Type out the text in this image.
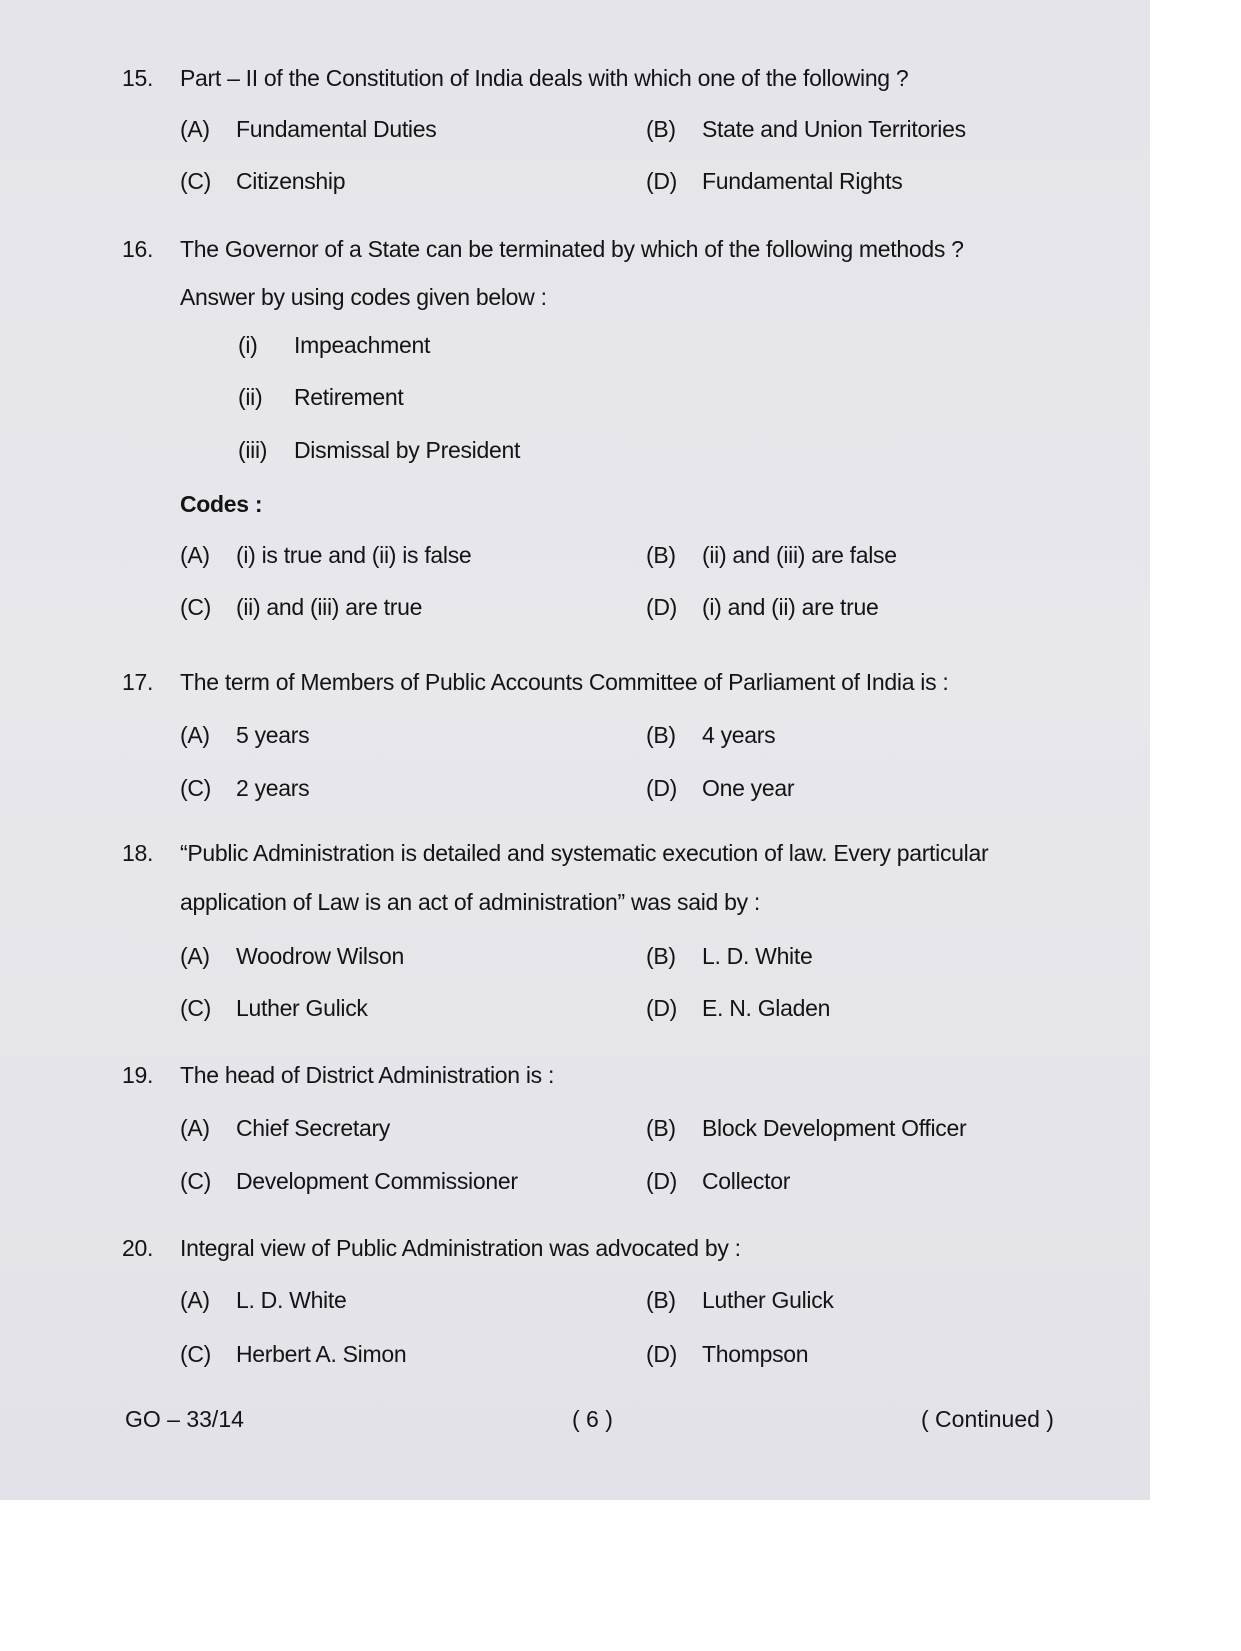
15. Part – II of the Constitution of India deals with which one of the following ?
(A) Fundamental Duties	(B) State and Union Territories
(C) Citizenship	(D) Fundamental Rights
16. The Governor of a State can be terminated by which of the following methods ?
Answer by using codes given below :
(i) Impeachment
(ii) Retirement
(iii) Dismissal by President
Codes :
(A) (i) is true and (ii) is false	(B) (ii) and (iii) are false
(C) (ii) and (iii) are true	(D) (i) and (ii) are true
17. The term of Members of Public Accounts Committee of Parliament of India is :
(A) 5 years	(B) 4 years
(C) 2 years	(D) One year
18. “Public Administration is detailed and systematic execution of law. Every particular
application of Law is an act of administration” was said by :
(A) Woodrow Wilson	(B) L. D. White
(C) Luther Gulick	(D) E. N. Gladen
19. The head of District Administration is :
(A) Chief Secretary	(B) Block Development Officer
(C) Development Commissioner	(D) Collector
20. Integral view of Public Administration was advocated by :
(A) L. D. White	(B) Luther Gulick
(C) Herbert A. Simon	(D) Thompson
GO – 33/14	( 6 )	( Continued )
